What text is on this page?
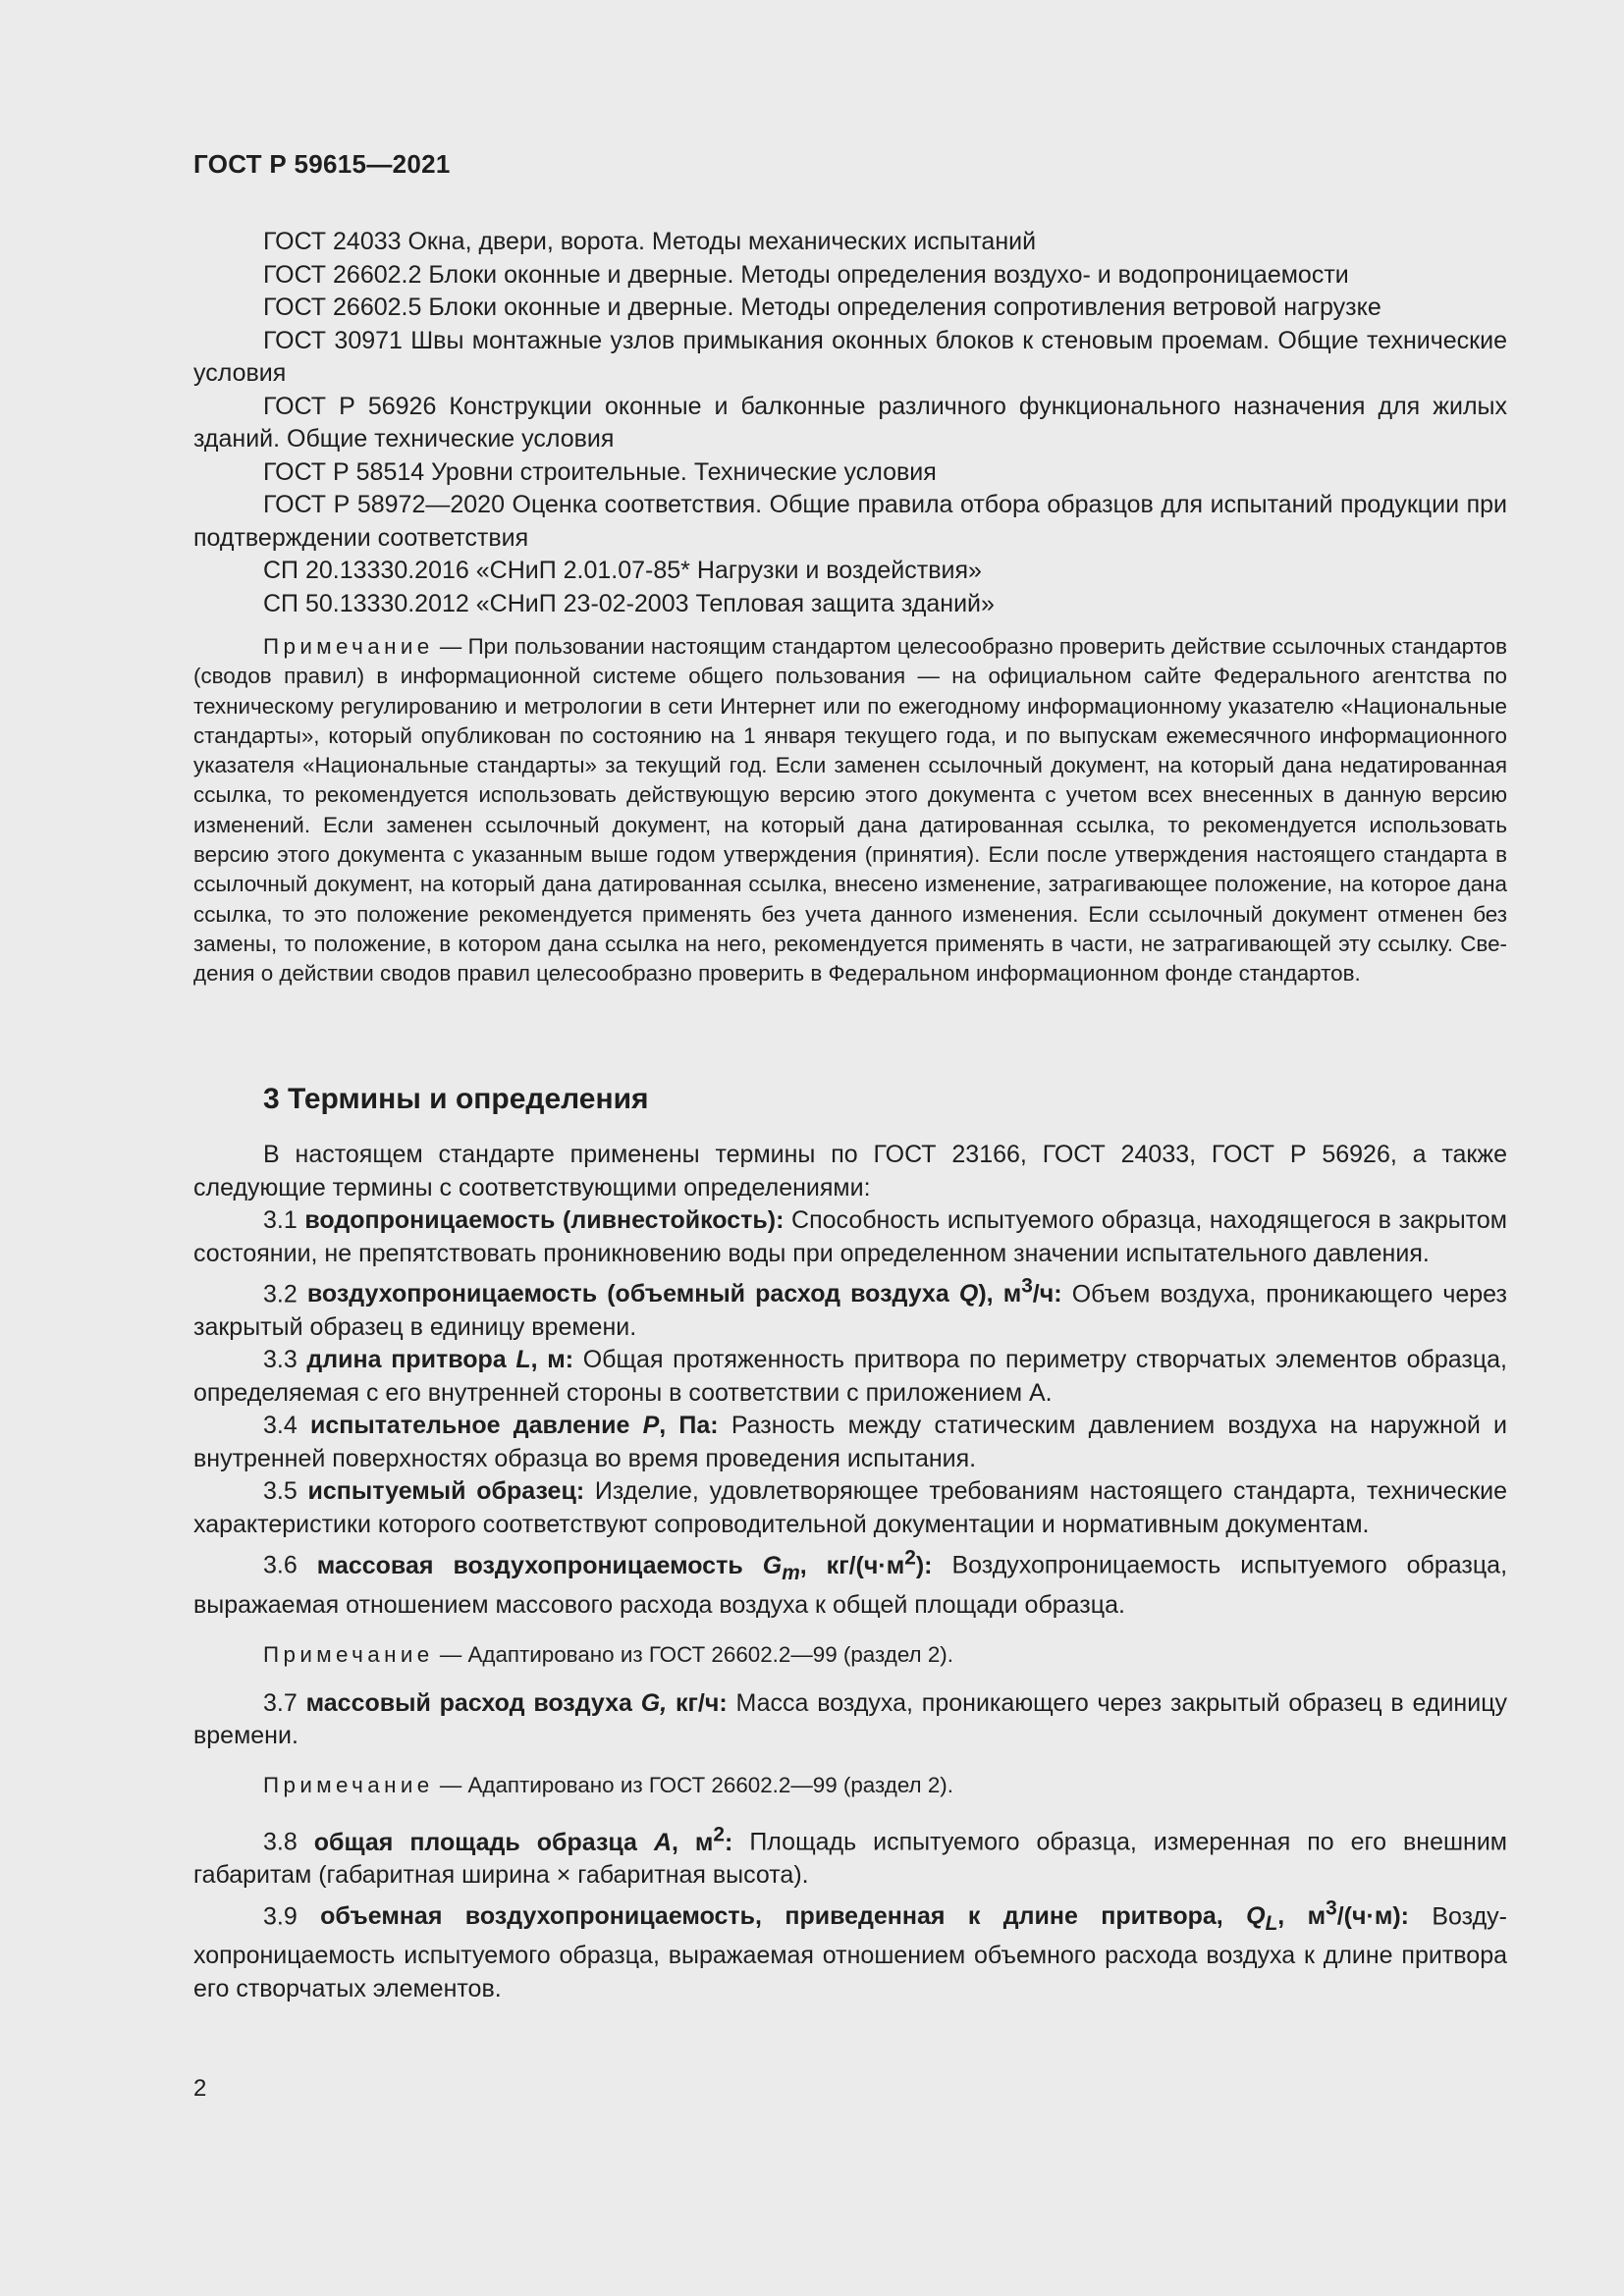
ГОСТ Р 59615—2021

ГОСТ 24033 Окна, двери, ворота. Методы механических испытаний

ГОСТ 26602.2 Блоки оконные и дверные. Методы определения воздухо- и водопроницаемости

ГОСТ 26602.5 Блоки оконные и дверные. Методы определения сопротивления ветровой нагрузке

ГОСТ 30971 Швы монтажные узлов примыкания оконных блоков к стеновым проемам. Общие технические условия

ГОСТ Р 56926 Конструкции оконные и балконные различного функционального назначения для жилых зданий. Общие технические условия

ГОСТ Р 58514 Уровни строительные. Технические условия

ГОСТ Р 58972—2020 Оценка соответствия. Общие правила отбора образцов для испытаний продукции при подтверждении соответствия

СП 20.13330.2016 «СНиП 2.01.07-85* Нагрузки и воздействия»

СП 50.13330.2012 «СНиП 23-02-2003 Тепловая защита зданий»

Примечание — При пользовании настоящим стандартом целесообразно проверить действие ссылочных стандартов (сводов правил) в информационной системе общего пользования — на официальном сайте Федерального агентства по техническому регулированию и метрологии в сети Интернет или по ежегодному информационному указателю «Национальные стандарты», который опубликован по состоянию на 1 января текущего года, и по выпускам ежемесячного информационного указателя «Национальные стандарты» за текущий год. Если заменен ссылочный документ, на который дана недатированная ссылка, то рекомендуется использовать действующую версию этого документа с учетом всех внесенных в данную версию изменений. Если заменен ссылочный документ, на который дана датированная ссылка, то рекомендуется использовать версию этого документа с указанным выше годом утверждения (принятия). Если после утверждения настоящего стандарта в ссылочный документ, на который дана датированная ссылка, внесено изменение, затрагивающее положение, на которое дана ссылка, то это положение рекомендуется применять без учета данного изменения. Если ссылочный документ отменен без замены, то положение, в котором дана ссылка на него, рекомендуется применять в части, не затрагивающей эту ссылку. Сведения о действии сводов правил целесообразно проверить в Федеральном информационном фонде стандартов.

3 Термины и определения

В настоящем стандарте применены термины по ГОСТ 23166, ГОСТ 24033, ГОСТ Р 56926, а также следующие термины с соответствующими определениями:

3.1 водопроницаемость (ливнестойкость): Способность испытуемого образца, находящегося в закрытом состоянии, не препятствовать проникновению воды при определенном значении испытательного давления.

3.2 воздухопроницаемость (объемный расход воздуха Q), $м^3/ч$: Объем воздуха, проникающего через закрытый образец в единицу времени.

3.3 длина притвора L, м: Общая протяженность притвора по периметру створчатых элементов образца, определяемая с его внутренней стороны в соответствии с приложением А.

3.4 испытательное давление P, Па: Разность между статическим давлением воздуха на наружной и внутренней поверхностях образца во время проведения испытания.

3.5 испытуемый образец: Изделие, удовлетворяющее требованиям настоящего стандарта, технические характеристики которого соответствуют сопроводительной документации и нормативным документам.

3.6 массовая воздухопроницаемость $G_m$, $кг/(ч\cdot м^2)$: Воздухопроницаемость испытуемого образца, выражаемая отношением массового расхода воздуха к общей площади образца.

Примечание — Адаптировано из ГОСТ 26602.2—99 (раздел 2).

3.7 массовый расход воздуха G, кг/ч: Масса воздуха, проникающего через закрытый образец в единицу времени.

Примечание — Адаптировано из ГОСТ 26602.2—99 (раздел 2).

3.8 общая площадь образца A, $м^2$: Площадь испытуемого образца, измеренная по его внешним габаритам (габаритная ширина × габаритная высота).

3.9 объемная воздухопроницаемость, приведенная к длине притвора, $Q_L$, $м^3/(ч\cdot м)$: Воздухопроницаемость испытуемого образца, выражаемая отношением объемного расхода воздуха к длине притвора его створчатых элементов.

2
